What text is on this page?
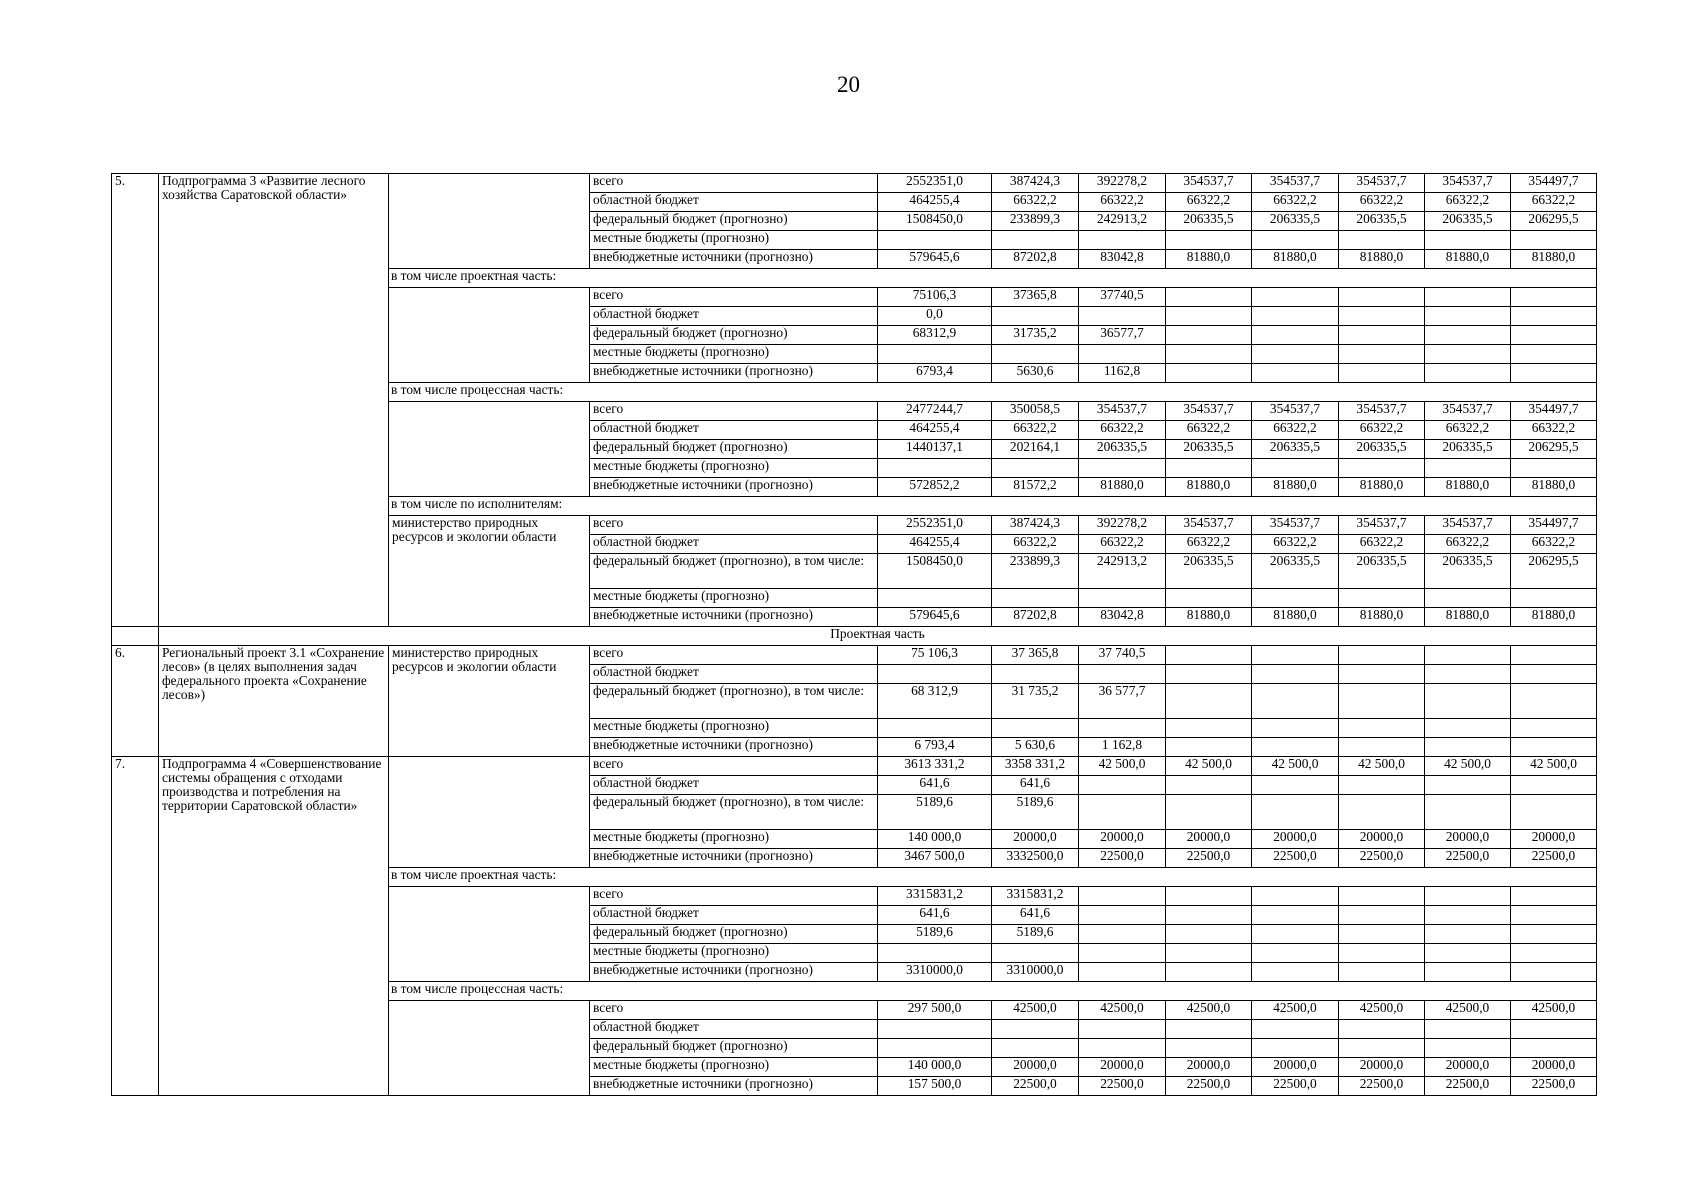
20
5.	Подпрограмма 3 «Развитие лесного хозяйства Саратовской области»		всего	2552351,0	387424,3	392278,2	354537,7	354537,7	354537,7	354537,7	354497,7
			областной бюджет	464255,4	66322,2	66322,2	66322,2	66322,2	66322,2	66322,2	66322,2
			федеральный бюджет (прогнозно)	1508450,0	233899,3	242913,2	206335,5	206335,5	206335,5	206335,5	206295,5
			местные бюджеты (прогнозно)								
			внебюджетные источники (прогнозно)	579645,6	87202,8	83042,8	81880,0	81880,0	81880,0	81880,0	81880,0
		в том числе проектная часть:									
			всего	75106,3	37365,8	37740,5					
			областной бюджет	0,0							
			федеральный бюджет (прогнозно)	68312,9	31735,2	36577,7					
			местные бюджеты (прогнозно)								
			внебюджетные источники (прогнозно)	6793,4	5630,6	1162,8					
		в том числе процессная часть:									
			всего	2477244,7	350058,5	354537,7	354537,7	354537,7	354537,7	354537,7	354497,7
			областной бюджет	464255,4	66322,2	66322,2	66322,2	66322,2	66322,2	66322,2	66322,2
			федеральный бюджет (прогнозно)	1440137,1	202164,1	206335,5	206335,5	206335,5	206335,5	206335,5	206295,5
			местные бюджеты (прогнозно)								
			внебюджетные источники (прогнозно)	572852,2	81572,2	81880,0	81880,0	81880,0	81880,0	81880,0	81880,0
		в том числе по исполнителям:									
		министерство природных ресурсов и экологии области	всего	2552351,0	387424,3	392278,2	354537,7	354537,7	354537,7	354537,7	354497,7
			областной бюджет	464255,4	66322,2	66322,2	66322,2	66322,2	66322,2	66322,2	66322,2
			федеральный бюджет (прогнозно), в том числе:	1508450,0	233899,3	242913,2	206335,5	206335,5	206335,5	206335,5	206295,5
			местные бюджеты (прогнозно)								
			внебюджетные источники (прогнозно)	579645,6	87202,8	83042,8	81880,0	81880,0	81880,0	81880,0	81880,0
	Проектная часть										
6.	Региональный проект 3.1 «Сохранение лесов» (в целях выполнения задач федерального проекта «Сохранение лесов»)	министерство природных ресурсов и экологии области	всего	75 106,3	37 365,8	37 740,5					
			областной бюджет								
			федеральный бюджет (прогнозно), в том числе:	68 312,9	31 735,2	36 577,7					
			местные бюджеты (прогнозно)								
			внебюджетные источники (прогнозно)	6 793,4	5 630,6	1 162,8					
7.	Подпрограмма 4 «Совершенствование системы обращения с отходами производства и потребления на территории Саратовской области»		всего	3613 331,2	3358 331,2	42 500,0	42 500,0	42 500,0	42 500,0	42 500,0	42 500,0
			областной бюджет	641,6	641,6						
			федеральный бюджет (прогнозно), в том числе:	5189,6	5189,6						
			местные бюджеты (прогнозно)	140 000,0	20000,0	20000,0	20000,0	20000,0	20000,0	20000,0	20000,0
			внебюджетные источники (прогнозно)	3467 500,0	3332500,0	22500,0	22500,0	22500,0	22500,0	22500,0	22500,0
		в том числе проектная часть:									
			всего	3315831,2	3315831,2						
			областной бюджет	641,6	641,6						
			федеральный бюджет (прогнозно)	5189,6	5189,6						
			местные бюджеты (прогнозно)								
			внебюджетные источники (прогнозно)	3310000,0	3310000,0						
		в том числе процессная часть:									
			всего	297 500,0	42500,0	42500,0	42500,0	42500,0	42500,0	42500,0	42500,0
			областной бюджет								
			федеральный бюджет (прогнозно)								
			местные бюджеты (прогнозно)	140 000,0	20000,0	20000,0	20000,0	20000,0	20000,0	20000,0	20000,0
			внебюджетные источники (прогнозно)	157 500,0	22500,0	22500,0	22500,0	22500,0	22500,0	22500,0	22500,0
